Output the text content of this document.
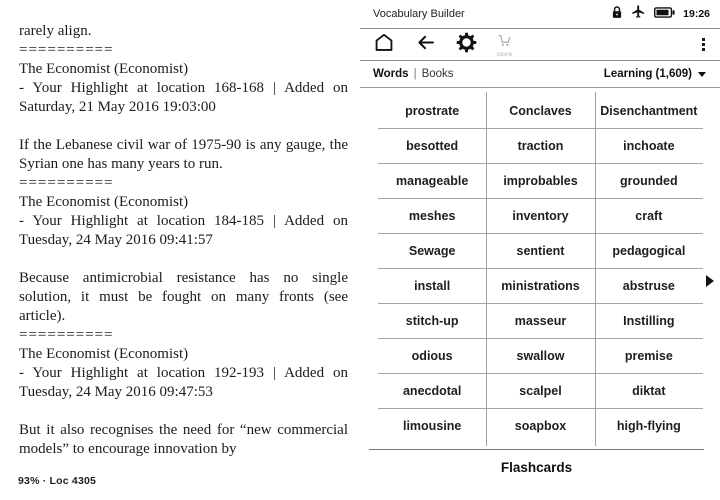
rarely align.

==========

The Economist (Economist)

- Your Highlight at location 168-168 | Added on Saturday, 21 May 2016 19:03:00

If the Lebanese civil war of 1975-90 is any gauge, the Syrian one has many years to run.

==========

The Economist (Economist)

- Your Highlight at location 184-185 | Added on Tuesday, 24 May 2016 09:41:57

Because antimicrobial resistance has no single solution, it must be fought on many fronts (see article).

==========

The Economist (Economist)

- Your Highlight at location 192-193 | Added on Tuesday, 24 May 2016 09:47:53

But it also recognises the need for “new commercial models” to encourage innovation by

93% · Loc 4305
Vocabulary Builder	19:26
store
Words | Books	Learning (1,609)
prostrate	Conclaves	Disenchantment
besotted	traction	inchoate
manageable	improbables	grounded
meshes	inventory	craft
Sewage	sentient	pedagogical
install	ministrations	abstruse
stitch-up	masseur	Instilling
odious	swallow	premise
anecdotal	scalpel	diktat
limousine	soapbox	high-flying
Flashcards
